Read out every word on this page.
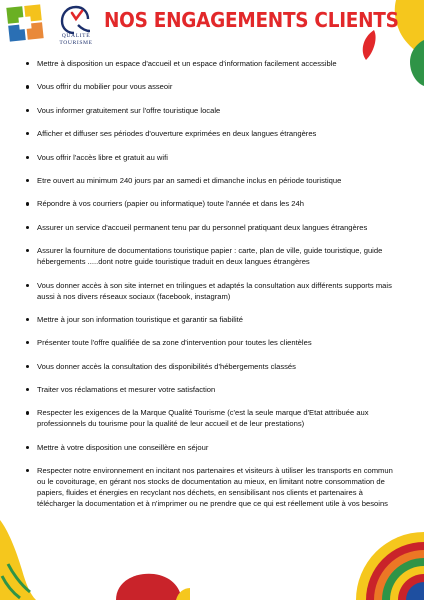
QUALITÉ
TOURISME
NOS ENGAGEMENTS CLIENTS
Mettre à disposition un espace d'accueil et un espace d'information facilement accessible
Vous offrir du mobilier pour vous asseoir
Vous informer gratuitement sur l'offre touristique locale
Afficher et diffuser ses périodes d'ouverture exprimées en deux langues étrangères
Vous offrir l'accès libre et gratuit au wifi
Etre ouvert au minimum 240 jours par an samedi et dimanche inclus en période touristique
Répondre à vos courriers (papier ou informatique) toute l'année et dans les 24h
Assurer un service d'accueil permanent tenu par du personnel pratiquant deux langues étrangères
Assurer la fourniture de documentations touristique papier : carte, plan de ville, guide touristique, guide hébergements .....dont notre guide touristique traduit en deux langues étrangères
Vous donner accès à son site internet en trilingues et adaptés la consultation aux différents supports mais aussi à nos divers réseaux sociaux (facebook, instagram)
Mettre à jour son information touristique et garantir sa fiabilité
Présenter toute l'offre qualifiée de sa zone d'intervention pour toutes les clientèles
Vous donner accès la consultation des disponibilités d'hébergements classés
Traiter vos réclamations et mesurer votre satisfaction
Respecter les exigences de la Marque Qualité Tourisme (c'est la seule marque d'Etat attribuée aux professionnels du tourisme pour la qualité de leur accueil et de leur prestations)
Mettre à votre disposition une conseillère en séjour
Respecter notre environnement en incitant nos partenaires et visiteurs à utiliser les transports en commun ou le covoiturage, en gérant nos stocks de documentation au mieux, en limitant notre consommation de papiers, fluides et énergies en recyclant nos déchets, en sensibilisant nos clients et partenaires à télécharger la documentation et à n'imprimer ou ne prendre que ce qui est réellement utile à vos besoins
